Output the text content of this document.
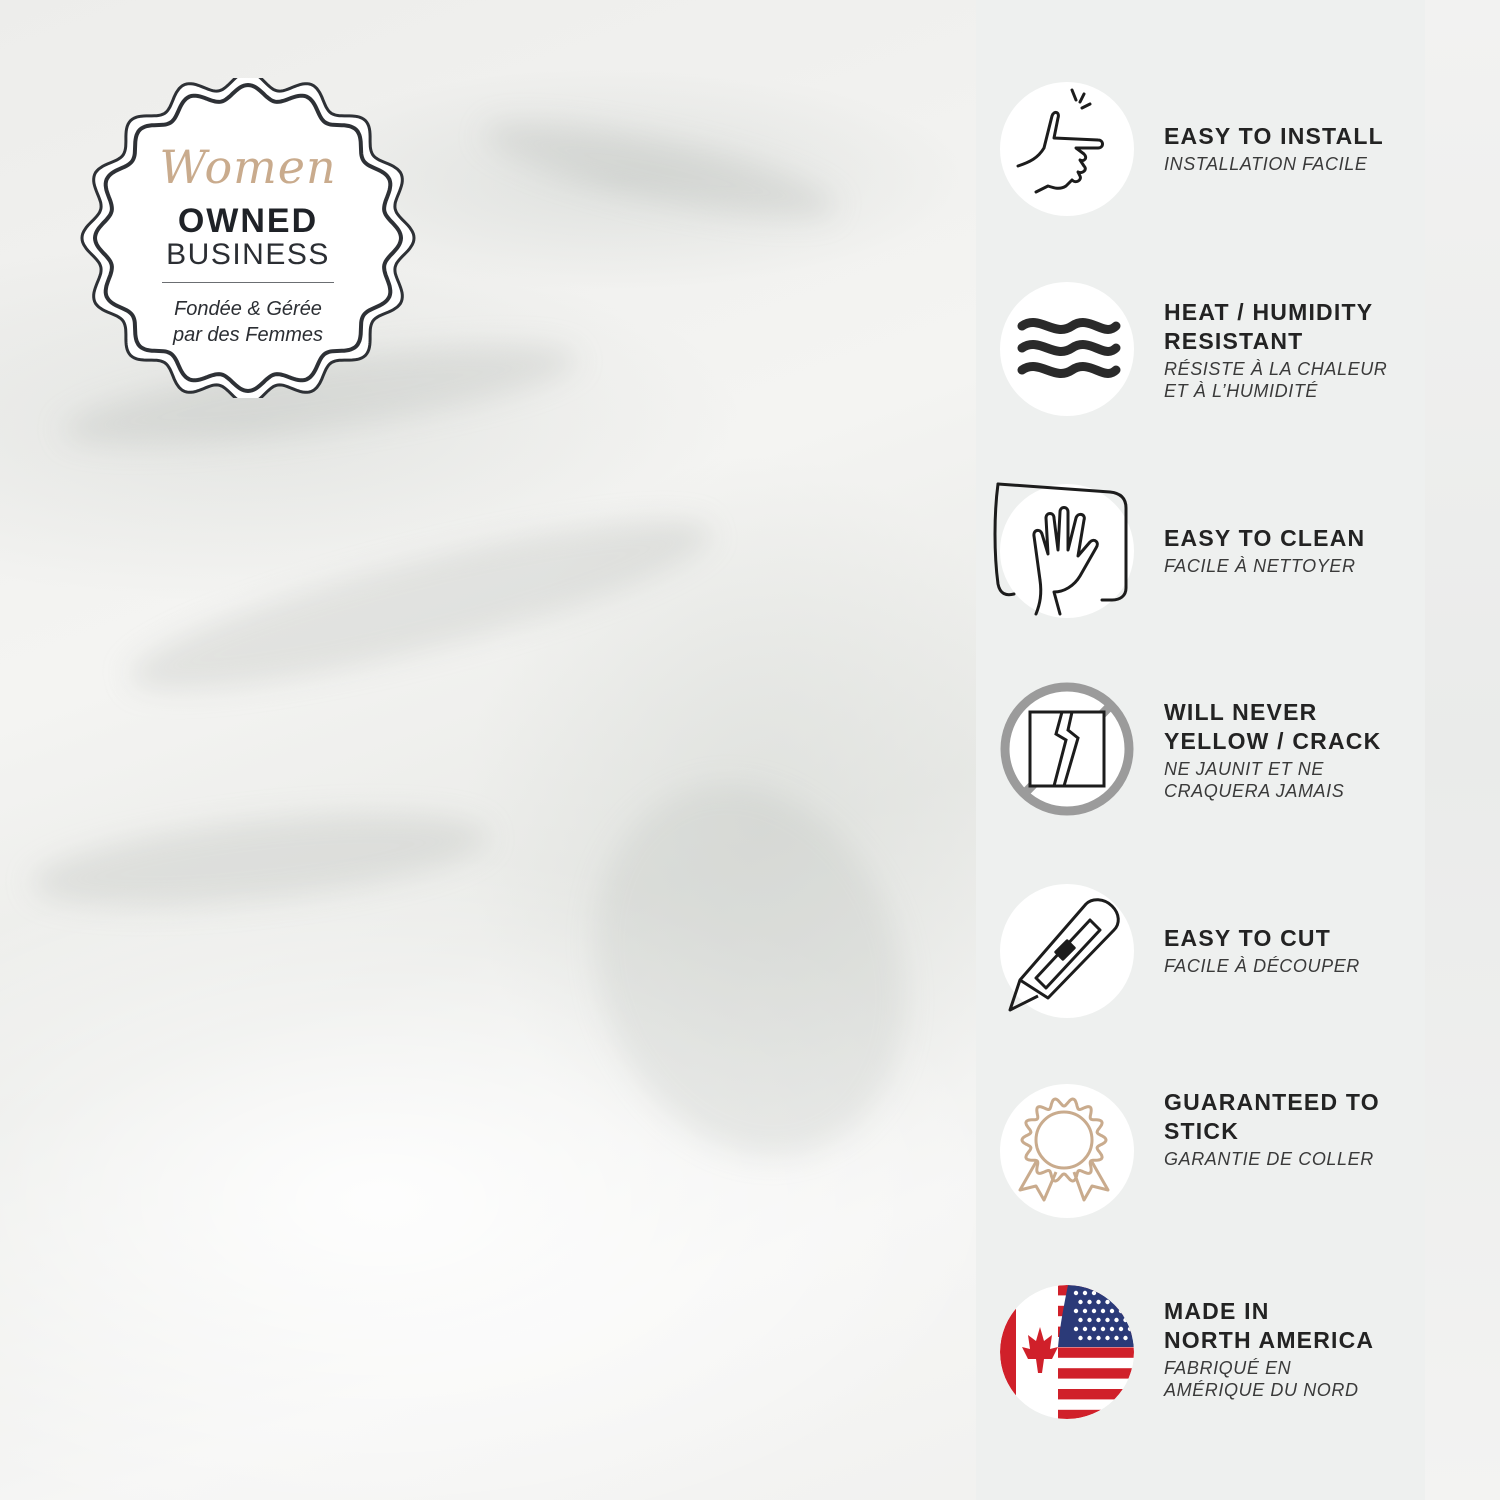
Women
OWNED
BUSINESS
Fondée & Gérée
par des Femmes
EASY TO INSTALL
INSTALLATION FACILE
HEAT / HUMIDITY
RESISTANT
RÉSISTE À LA CHALEUR
ET À L’HUMIDITÉ
EASY TO CLEAN
FACILE À NETTOYER
WILL NEVER
YELLOW / CRACK
NE JAUNIT ET NE
CRAQUERA JAMAIS
EASY TO CUT
FACILE À DÉCOUPER
GUARANTEED TO
STICK
GARANTIE DE COLLER
MADE IN
NORTH AMERICA
FABRIQUÉ EN
AMÉRIQUE DU NORD
